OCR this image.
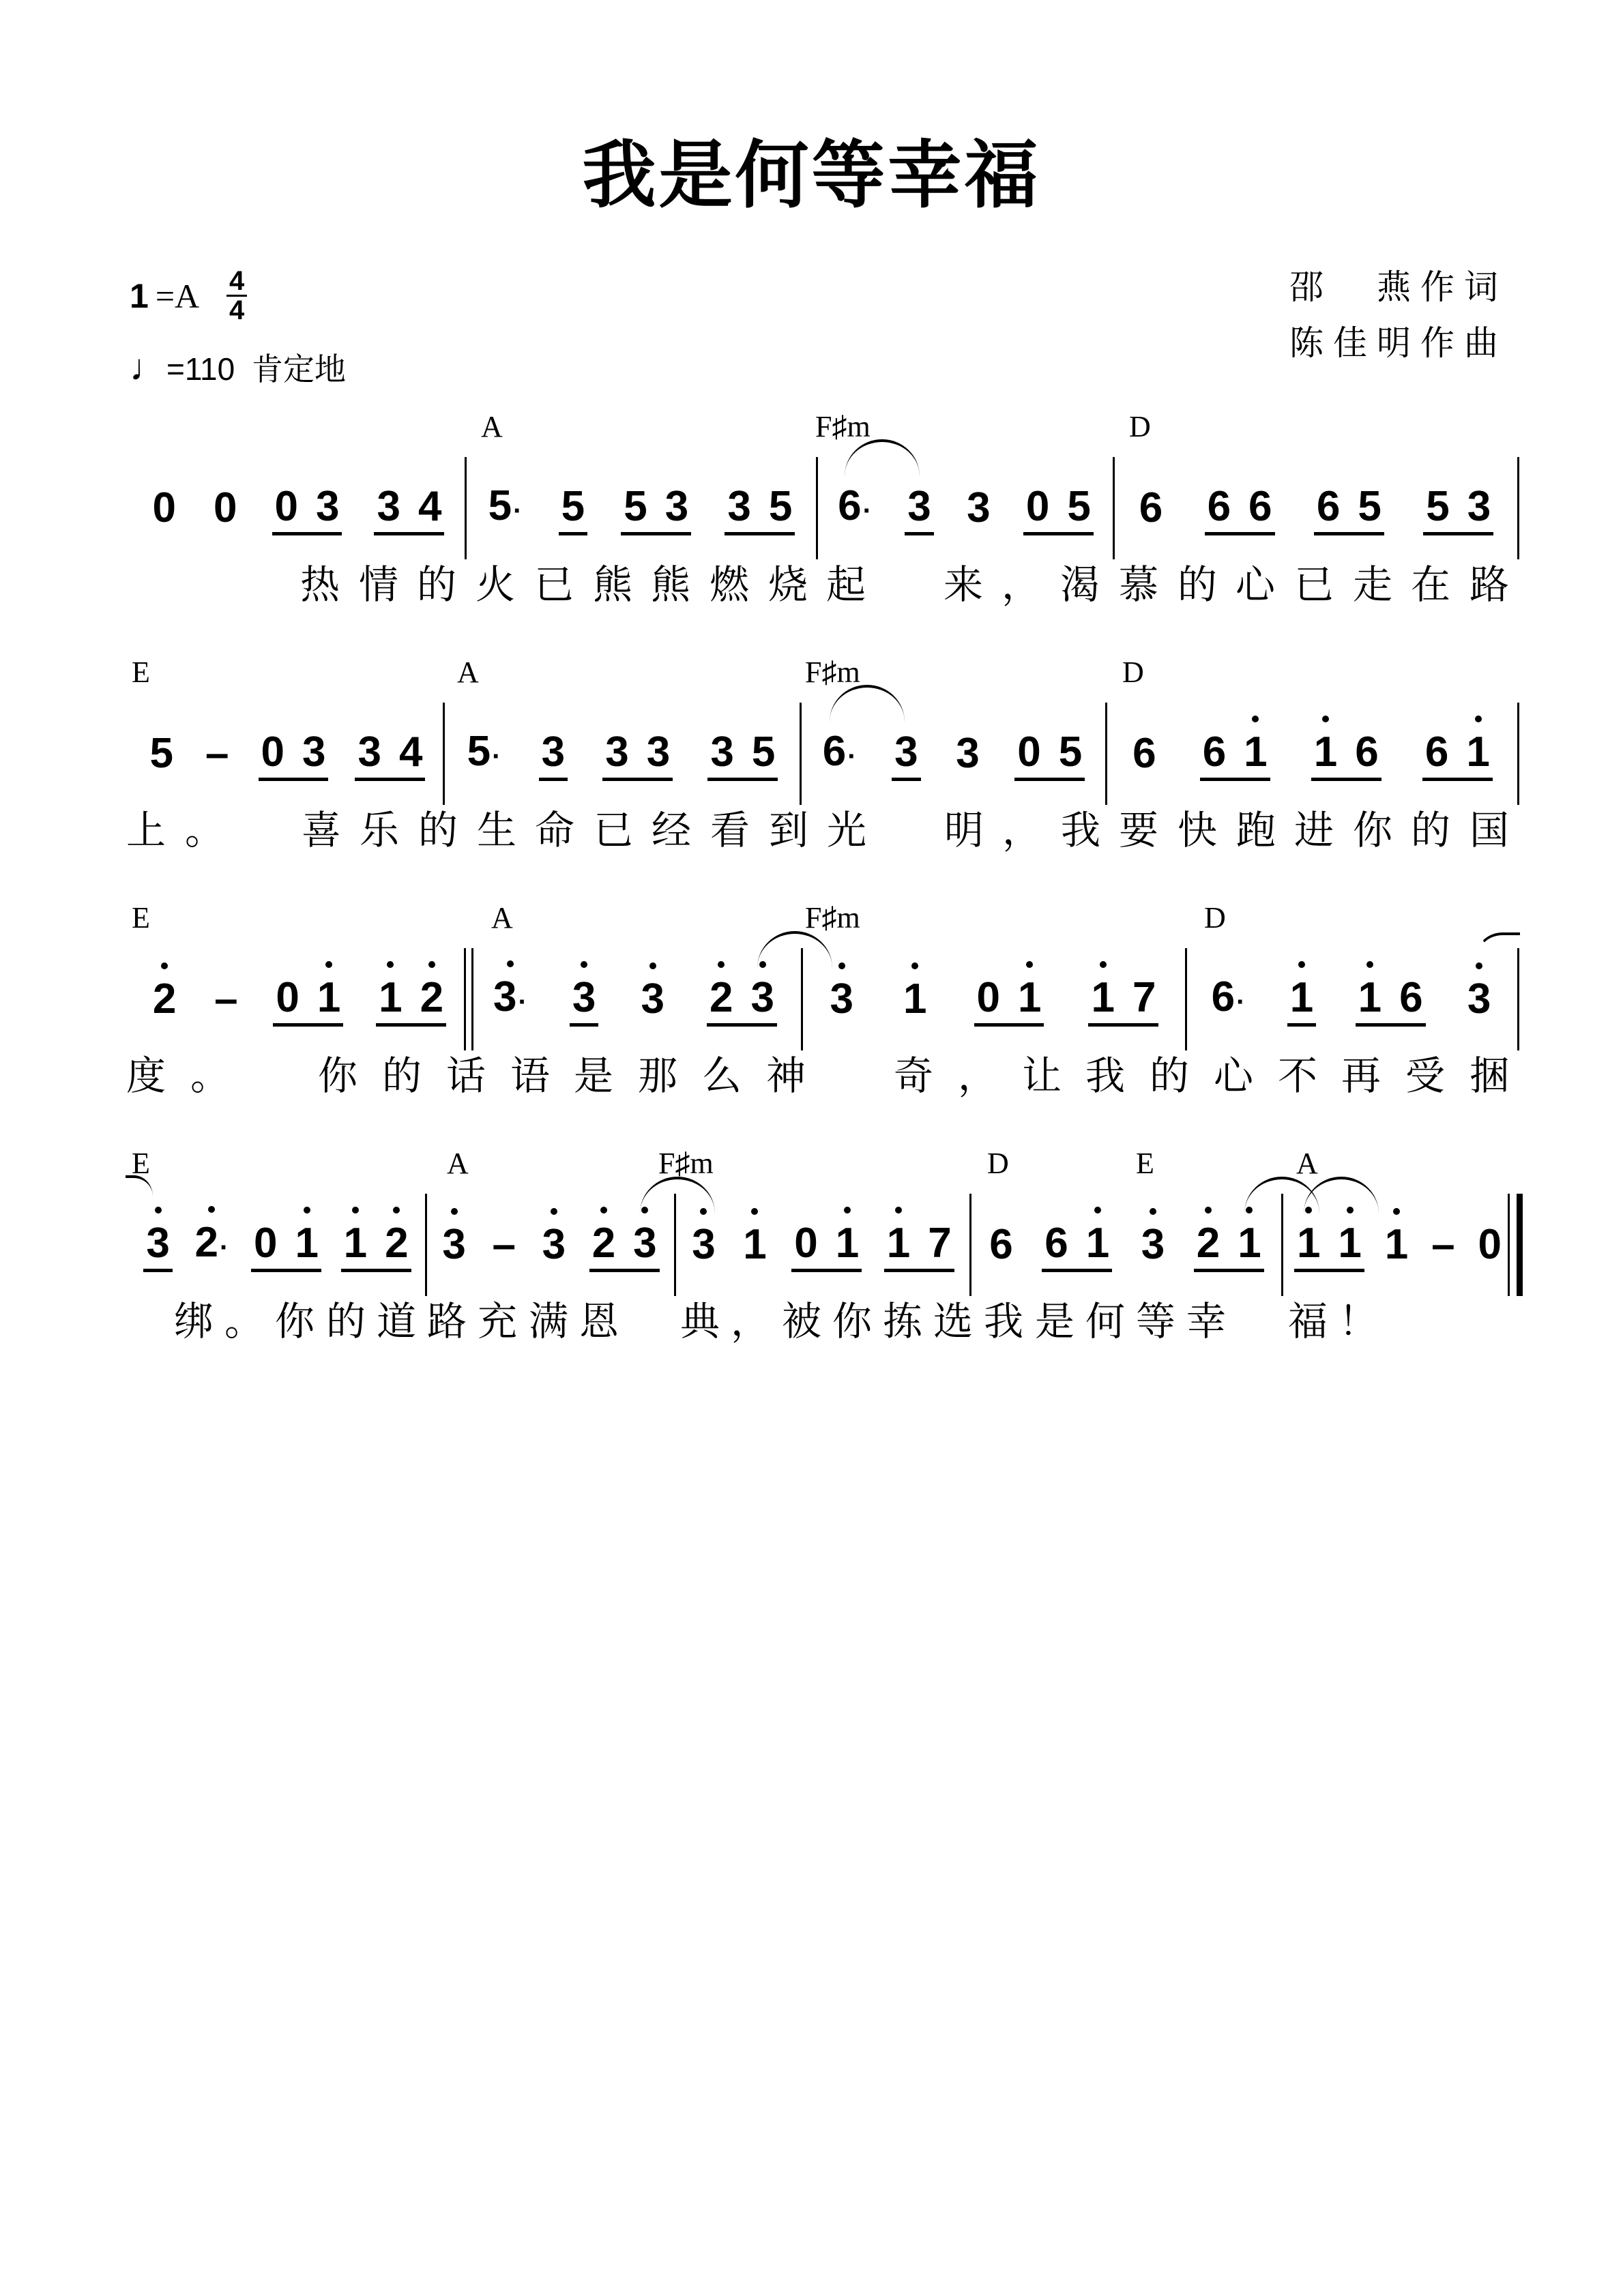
我是何等幸福
$1 =A \frac{4}{4}$
♩=110 肯定地
邵　燕作词
陈佳明作曲
A	F♯m	D
0 0 0 3 3 4 5· 5 5 3 3 5 6· 3 3 0 5 6 6 6 6 5 5 3
热 情 的 火 已 熊 熊 燃 烧 起 来 ， 渴 慕 的 心 已 走 在 路
E	A	F♯m	D
5 – 0 3 3 4 5· 3 3 3 3 5 6· 3 3 0 5 6 6 1 1 6 6 1
上 。 喜 乐 的 生 命 已 经 看 到 光 明 ， 我 要 快 跑 进 你 的 国
E	A	F♯m	D
2 – 0 1 1 2 3· 3 3 2 3 3 1 0 1 1 7 6· 1 1 6 3
度 。 你 的 话 语 是 那 么 神 奇 ， 让 我 的 心 不 再 受 捆
E	A	F♯m	D	E	A
3 2· 0 1 1 2 3 – 3 2 3 3 1 0 1 1 7 6 6 1 3 2 1 1 1 1 – 0
绑 。 你 的 道 路 充 满 恩 典 ， 被 你 拣 选 我 是 何 等 幸 福 ！
